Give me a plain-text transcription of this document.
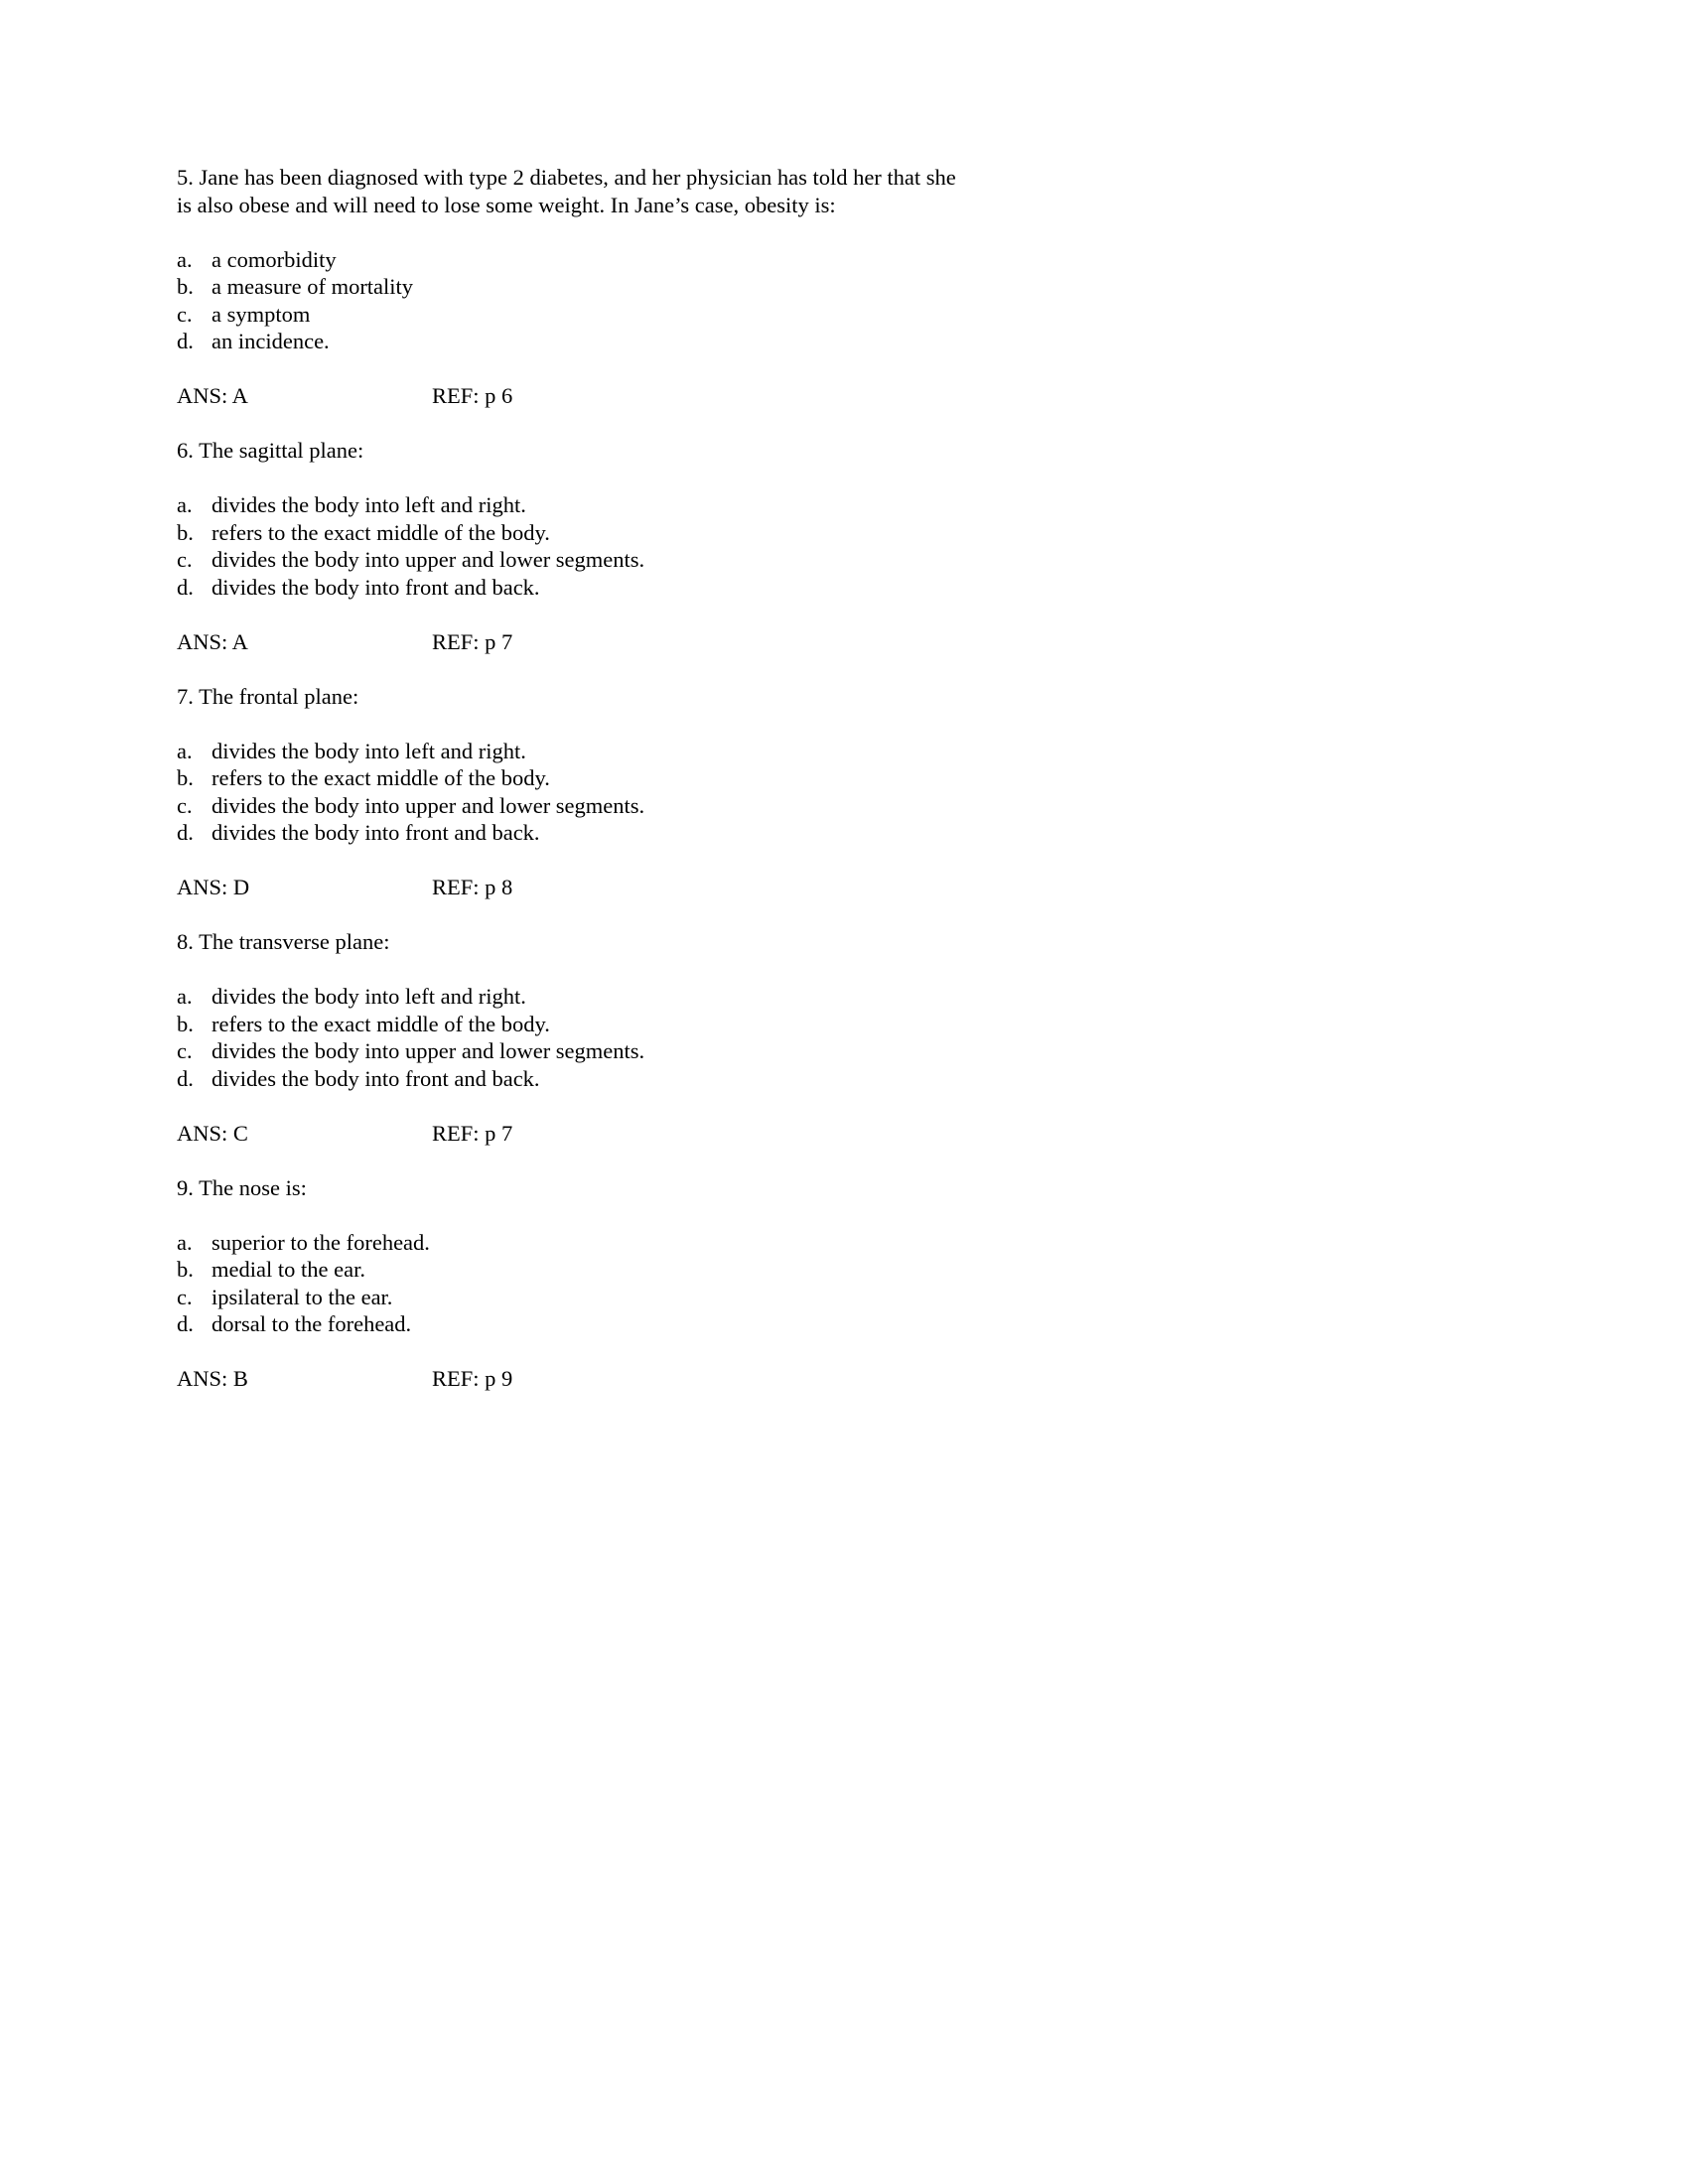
5. Jane has been diagnosed with type 2 diabetes, and her physician has told her that she is also obese and will need to lose some weight. In Jane’s case, obesity is:

a. a comorbidity
b. a measure of mortality
c. a symptom
d. an incidence.

ANS: A	REF: p 6

6. The sagittal plane:

a. divides the body into left and right.
b. refers to the exact middle of the body.
c. divides the body into upper and lower segments.
d. divides the body into front and back.

ANS: A	REF: p 7

7. The frontal plane:

a. divides the body into left and right.
b. refers to the exact middle of the body.
c. divides the body into upper and lower segments.
d. divides the body into front and back.

ANS: D	REF: p 8

8. The transverse plane:

a. divides the body into left and right.
b. refers to the exact middle of the body.
c. divides the body into upper and lower segments.
d. divides the body into front and back.

ANS: C	REF: p 7

9. The nose is:

a. superior to the forehead.
b. medial to the ear.
c. ipsilateral to the ear.
d. dorsal to the forehead.

ANS: B	REF: p 9
